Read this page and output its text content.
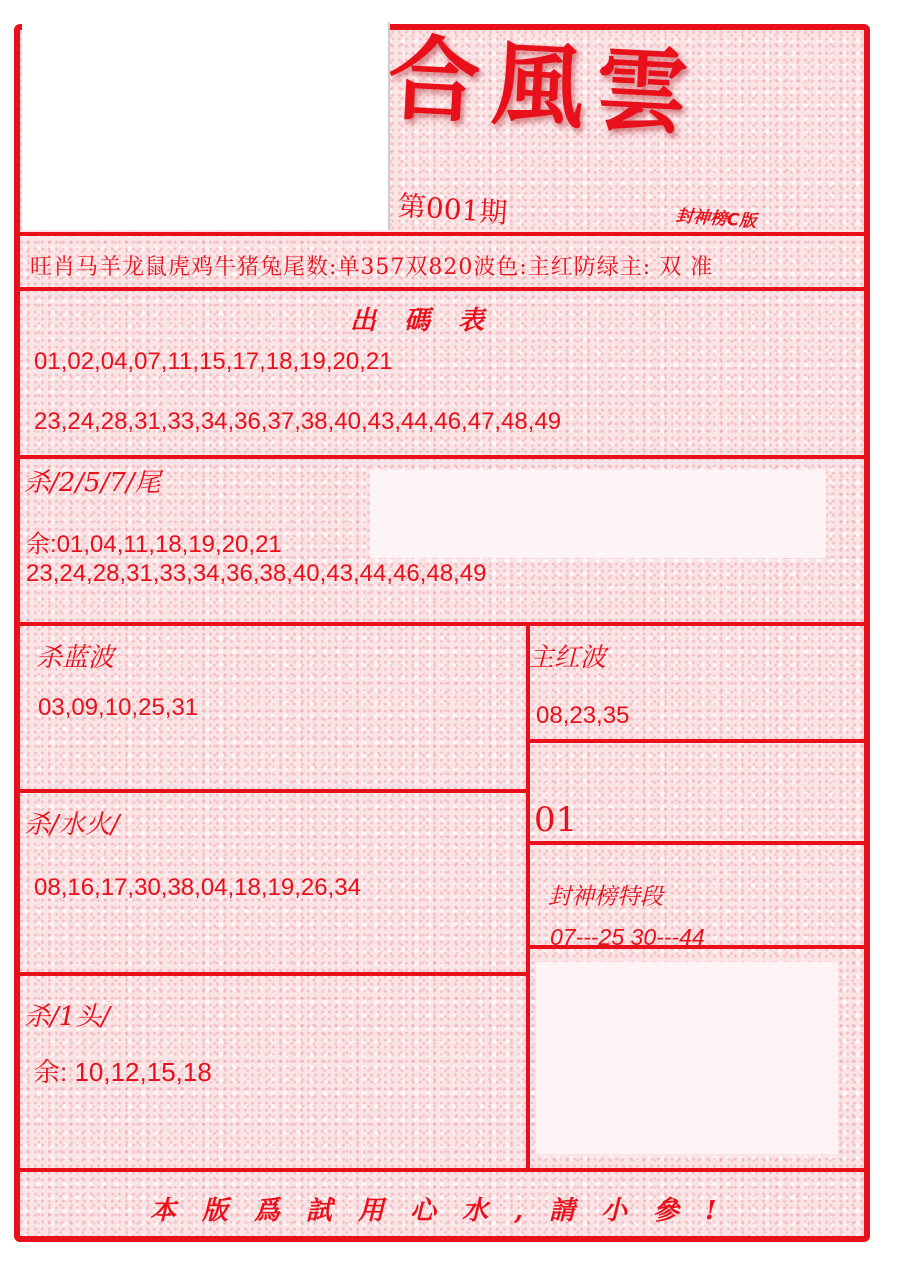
合風雲
第001期	封神榜C版
旺肖马羊龙鼠虎鸡牛猪兔尾数:单357双820波色:主红防绿主: 双 准
出碼表
01,02,04,07,11,15,17,18,19,20,21
23,24,28,31,33,34,36,37,38,40,43,44,46,47,48,49
杀/2/5/7/尾
余:01,04,11,18,19,20,21
23,24,28,31,33,34,36,38,40,43,44,46,48,49
杀蓝波
03,09,10,25,31
主红波
08,23,35
01
杀/水火/
08,16,17,30,38,04,18,19,26,34	封神榜特段
07---25 30---44
杀/1头/
余: 10,12,15,18
本版爲試用心水,請小參!
